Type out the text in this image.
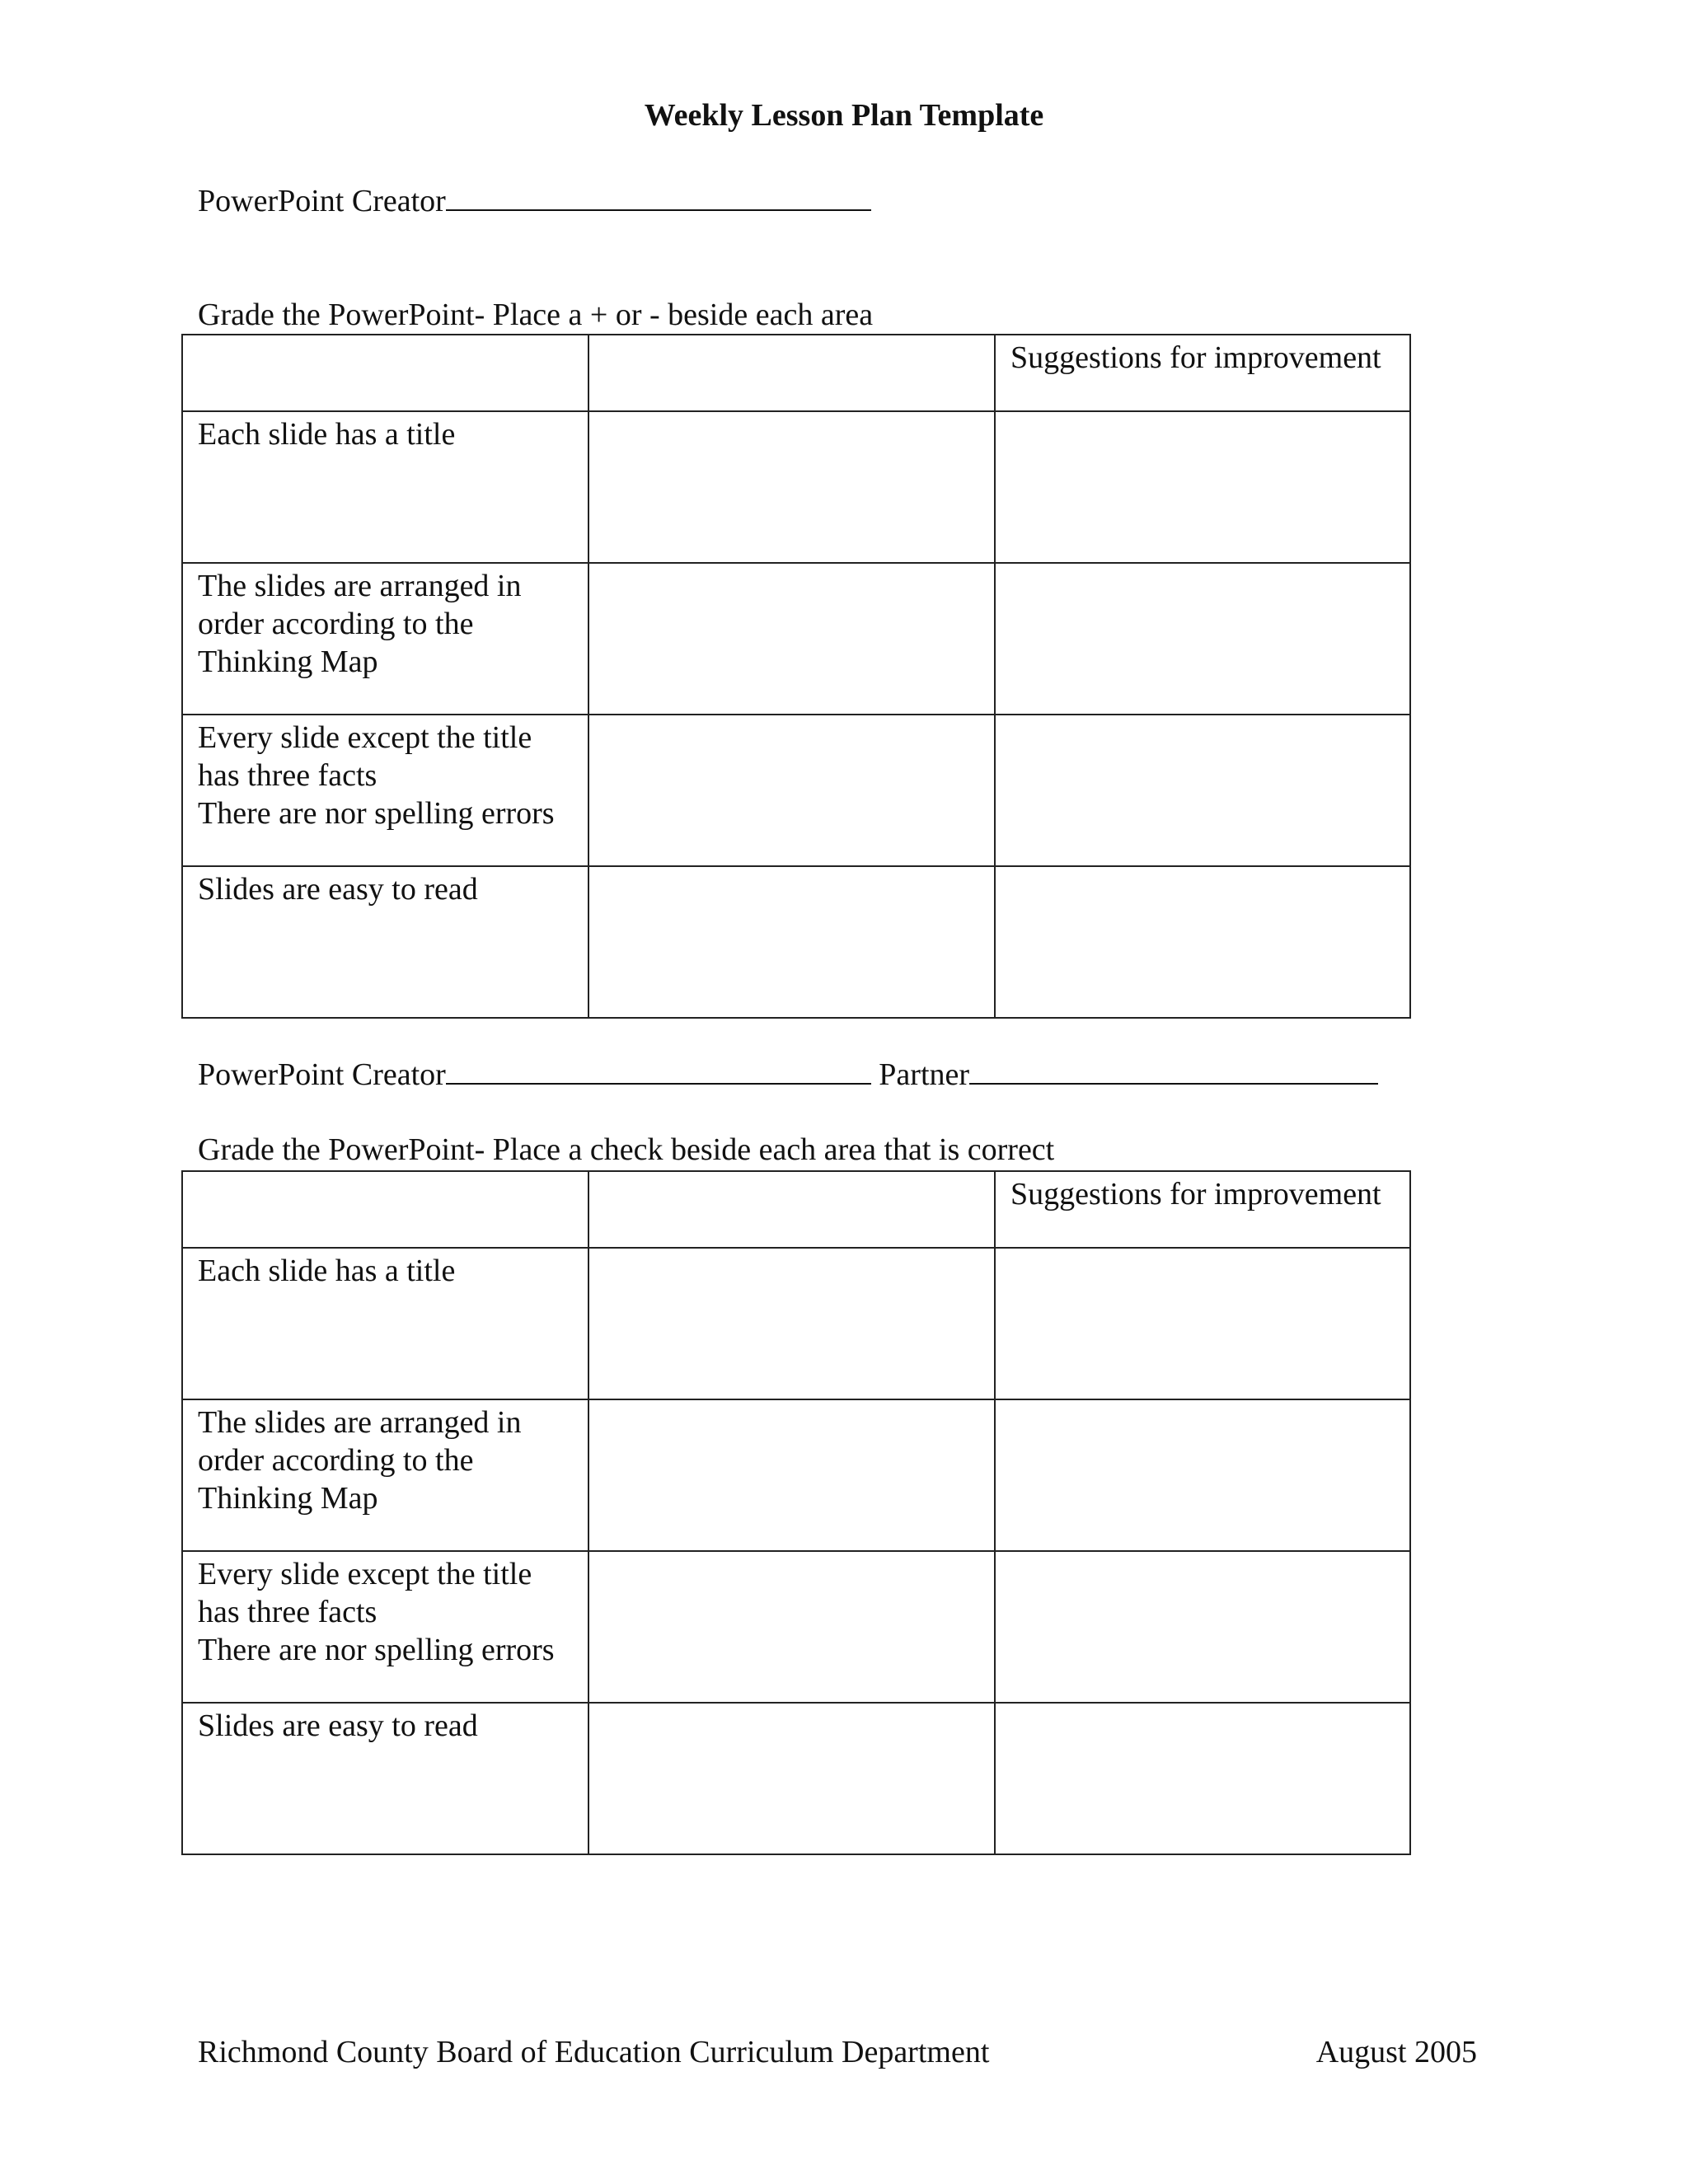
Weekly Lesson Plan Template
PowerPoint Creator
Grade the PowerPoint- Place a + or - beside each area
		Suggestions for improvement
Each slide has a title		
The slides are arranged in order according to the Thinking Map		
Every slide except the title has three facts
There are nor spelling errors		
Slides are easy to read		
PowerPoint Creator	Partner
Grade the PowerPoint- Place a check beside each area that is correct
		Suggestions for improvement
Each slide has a title		
The slides are arranged in order according to the Thinking Map		
Every slide except the title has three facts
There are nor spelling errors		
Slides are easy to read		
Richmond County Board of Education Curriculum Department	August 2005
